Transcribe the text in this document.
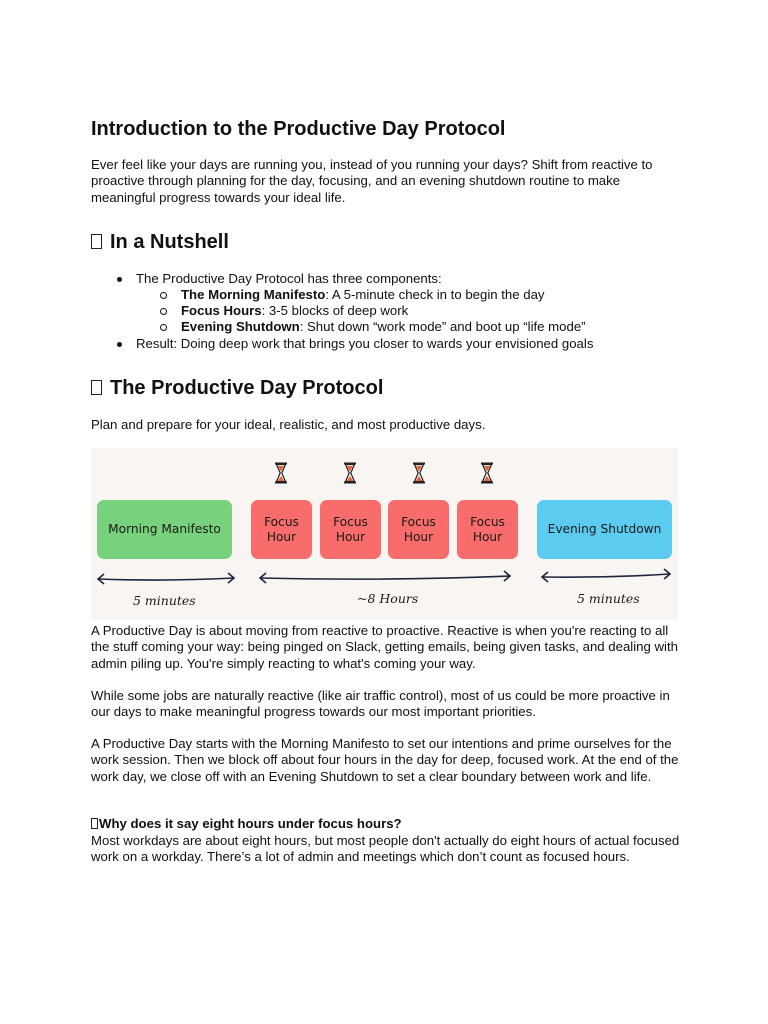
Introduction to the Productive Day Protocol

Ever feel like your days are running you, instead of you running your days? Shift from reactive to proactive through planning for the day, focusing, and an evening shutdown routine to make meaningful progress towards your ideal life.

In a Nutshell
The Productive Day Protocol has three components:
The Morning Manifesto: A 5-minute check in to begin the day
Focus Hours: 3-5 blocks of deep work
Evening Shutdown: Shut down “work mode” and boot up “life mode”
Result: Doing deep work that brings you closer to wards your envisioned goals
The Productive Day Protocol

Plan and prepare for your ideal, realistic, and most productive days.

A Productive Day is about moving from reactive to proactive. Reactive is when you're reacting to all the stuff coming your way: being pinged on Slack, getting emails, being given tasks, and dealing with admin piling up. You're simply reacting to what's coming your way.

While some jobs are naturally reactive (like air traffic control), most of us could be more proactive in our days to make meaningful progress towards our most important priorities.

A Productive Day starts with the Morning Manifesto to set our intentions and prime ourselves for the work session. Then we block off about four hours in the day for deep, focused work. At the end of the work day, we close off with an Evening Shutdown to set a clear boundary between work and life.

Why does it say eight hours under focus hours?

Most workdays are about eight hours, but most people don't actually do eight hours of actual focused work on a workday. There’s a lot of admin and meetings which don’t count as focused hours.

Morning Manifesto
Focus
Hour
Focus
Hour
Focus
Hour
Focus
Hour
Evening Shutdown
5 minutes	~8 Hours	5 minutes
